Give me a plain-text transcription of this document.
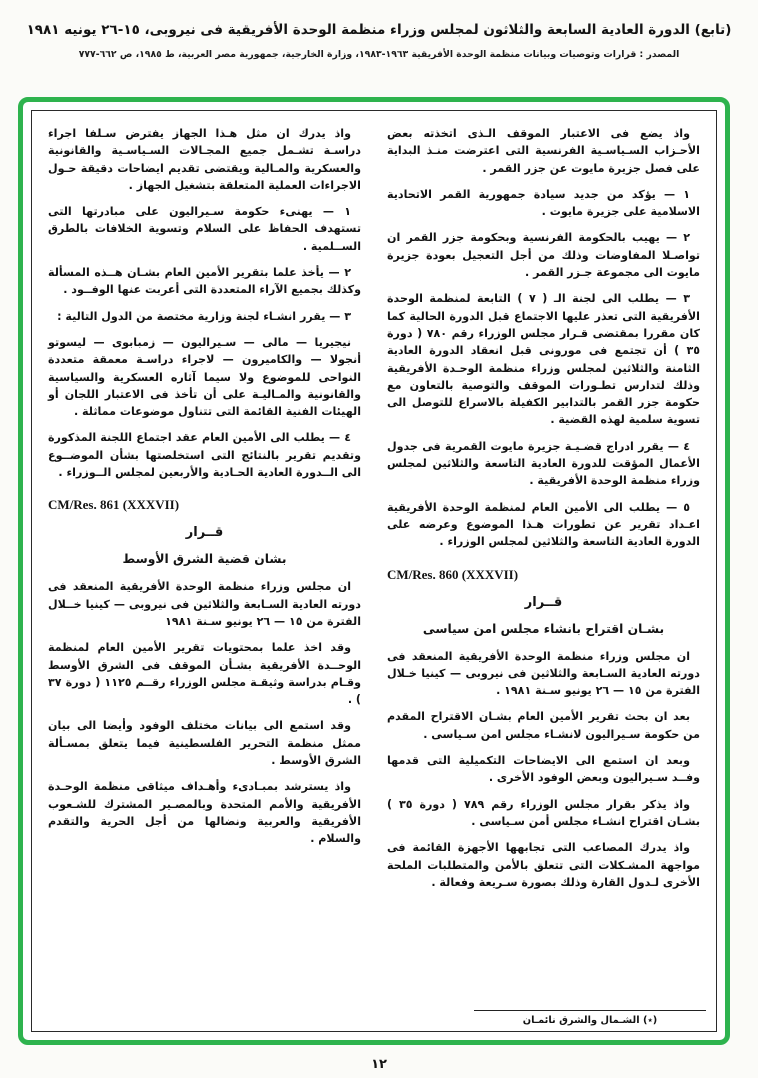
(تابع) الدورة العادية السابعة والثلاثون لمجلس وزراء منظمة الوحدة الأفريقية فى نيروبى، ١٥-٢٦ يونيه ١٩٨١
المصدر : قرارات وتوصيات وبيانات منظمة الوحدة الأفريقية ١٩٦٣-١٩٨٣، وزارة الخارجية، جمهورية مصر العربية، ط ١٩٨٥، ص ٦٦٢-٧٧٧

واذ يضع فى الاعتبار الموقف الـذى اتخذته بعض الأحـزاب السـياسـية الفرنسية التى اعترضت منـذ البداية على فصل جزيرة مايوت عن جزر القمر .

١ — يؤكد من جديد سيادة جمهورية القمر الاتحادية الاسلامية على جزيرة مايوت .

٢ — يهيب بالحكومة الفرنسية وبحكومة جزر القمر ان تواصـلا المفاوضات وذلك من أجل التعجيل بعودة جزيرة مايوت الى مجموعة جـزر القمر .

٣ — يطلب الى لجنة الـ ( ٧ ) التابعة لمنظمة الوحدة الأفريقية التى تعذر عليها الاجتماع قبل الدورة الحالية كما كان مقررا بمقتضى قـرار مجلس الوزراء رقم ٧٨٠ ( دورة ٣٥ ) أن تجتمع فى مورونى قبل انعقاد الدورة العادية الثامنة والثلاثين لمجلس وزراء منظمة الوحـدة الأفريقية وذلك لتدارس تطـورات الموقف والتوصية بالتعاون مع حكومة جزر القمر بالتدابير الكفيلة بالاسراع للتوصل الى تسوية سلمية لهذه القضية .

٤ — يقرر ادراج قضـيـة جزيرة مايوت القمرية فى جدول الأعمال المؤقت للدورة العادية التاسعة والثلاثين لمجلس وزراء منظمة الوحدة الأفريقية .

٥ — يطلب الى الأمين العام لمنظمة الوحدة الأفريقية اعـداد تقرير عن تطورات هـذا الموضوع وعرضه على الدورة العادية التاسعة والثلاثين لمجلس الوزراء .

CM/Res. 860 (XXXVII)
قــرار
بشـان اقتراح بانشاء مجلس امن سياسى

ان مجلس وزراء منظمة الوحدة الأفريقية المنعقد فى دورته العادية السـابعة والثلاثين فى نيروبى — كينيا خـلال الفترة من ١٥ — ٢٦ يونيو سـنة ١٩٨١ .

بعد ان بحث تقرير الأمين العام بشـان الاقتراح المقدم من حكومة سـيراليون لانشـاء مجلس امن سـياسى .

وبعد ان استمع الى الايضاحات التكميلية التى قدمها وفــد سـيراليون وبعض الوفود الأخرى .

واذ يذكر بقرار مجلس الوزراء رقم ٧٨٩ ( دورة ٣٥ ) بشـان اقتراح انشـاء مجلس أمن سـياسى .

واذ يدرك المصاعب التى تجابهها الأجهزة القائمة فى مواجهة المشـكلات التى تتعلق بالأمن والمتطلبات الملحة الأخرى لـدول القارة وذلك بصورة سـريعة وفعالة .

واذ يدرك ان مثل هـذا الجهاز يفترض سـلفا اجراء دراسـة تشـمل جميع المجـالات السـياسـية والقانونية والعسكرية والمـالية ويقتضى تقديم ايضاحات دقيقة حـول الاجراءات العملية المتعلقة بتشغيل الجهاز .

١ — يهنىء حكومة سـيراليون على مبادرتها التى تستهدف الحفاظ على السلام وتسوية الخلافات بالطرق الســلمية .

٢ — يأخذ علما بتقرير الأمين العام بشـان هــذه المسألة وكذلك بجميع الآراء المتعددة التى أعربت عنها الوفــود .

٣ — يقرر انشـاء لجنة وزارية مختصة من الدول التالية :

نيجيريا — مالى — سـيراليون — زمبابوى — ليسوتو أنجولا — والكاميرون — لاجراء دراسـة معمقة متعددة النواحى للموضوع ولا سيما آثاره العسكرية والسياسية والقانونية والمـاليـة على أن تأخذ فى الاعتبار اللجان أو الهيئات الفنية القائمة التى تتناول موضوعات مماثلة .

٤ — يطلب الى الأمين العام عقد اجتماع اللجنة المذكورة وتقديم تقرير بالنتائج التى استخلصتها بشأن الموضــوع الى الــدورة العادية الحـادية والأربعين لمجلس الــوزراء .

CM/Res. 861 (XXXVII)
قــرار
بشان قضية الشرق الأوسط

ان مجلس وزراء منظمة الوحدة الأفريقية المنعقد فى دورته العادية السـابعة والثلاثين فى نيروبى — كينيا خــلال الفترة من ١٥ — ٢٦ يونيو سـنة ١٩٨١

وقد اخذ علما بمحتويات تقرير الأمين العام لمنظمة الوحــدة الأفريقية بشـأن الموقف فى الشرق الأوسط وقـام بدراسة وثيقـة مجلس الوزراء رقــم ١١٢٥ ( دورة ٣٧ ) .

وقد استمع الى بيانات مختلف الوفود وأيضا الى بيان ممثل منظمة التحرير الفلسطينية فيما يتعلق بمسـألة الشرق الأوسط .

واذ يسترشد بمبـادىء وأهـداف ميثاقى منظمة الوحـدة الأفريقية والأمم المتحدة وبالمصـير المشترك للشـعوب الأفريقية والعربية ونضالها من أجل الحرية والتقدم والسلام .

(٭) الشـمال والشرق نائمـان
١٢
